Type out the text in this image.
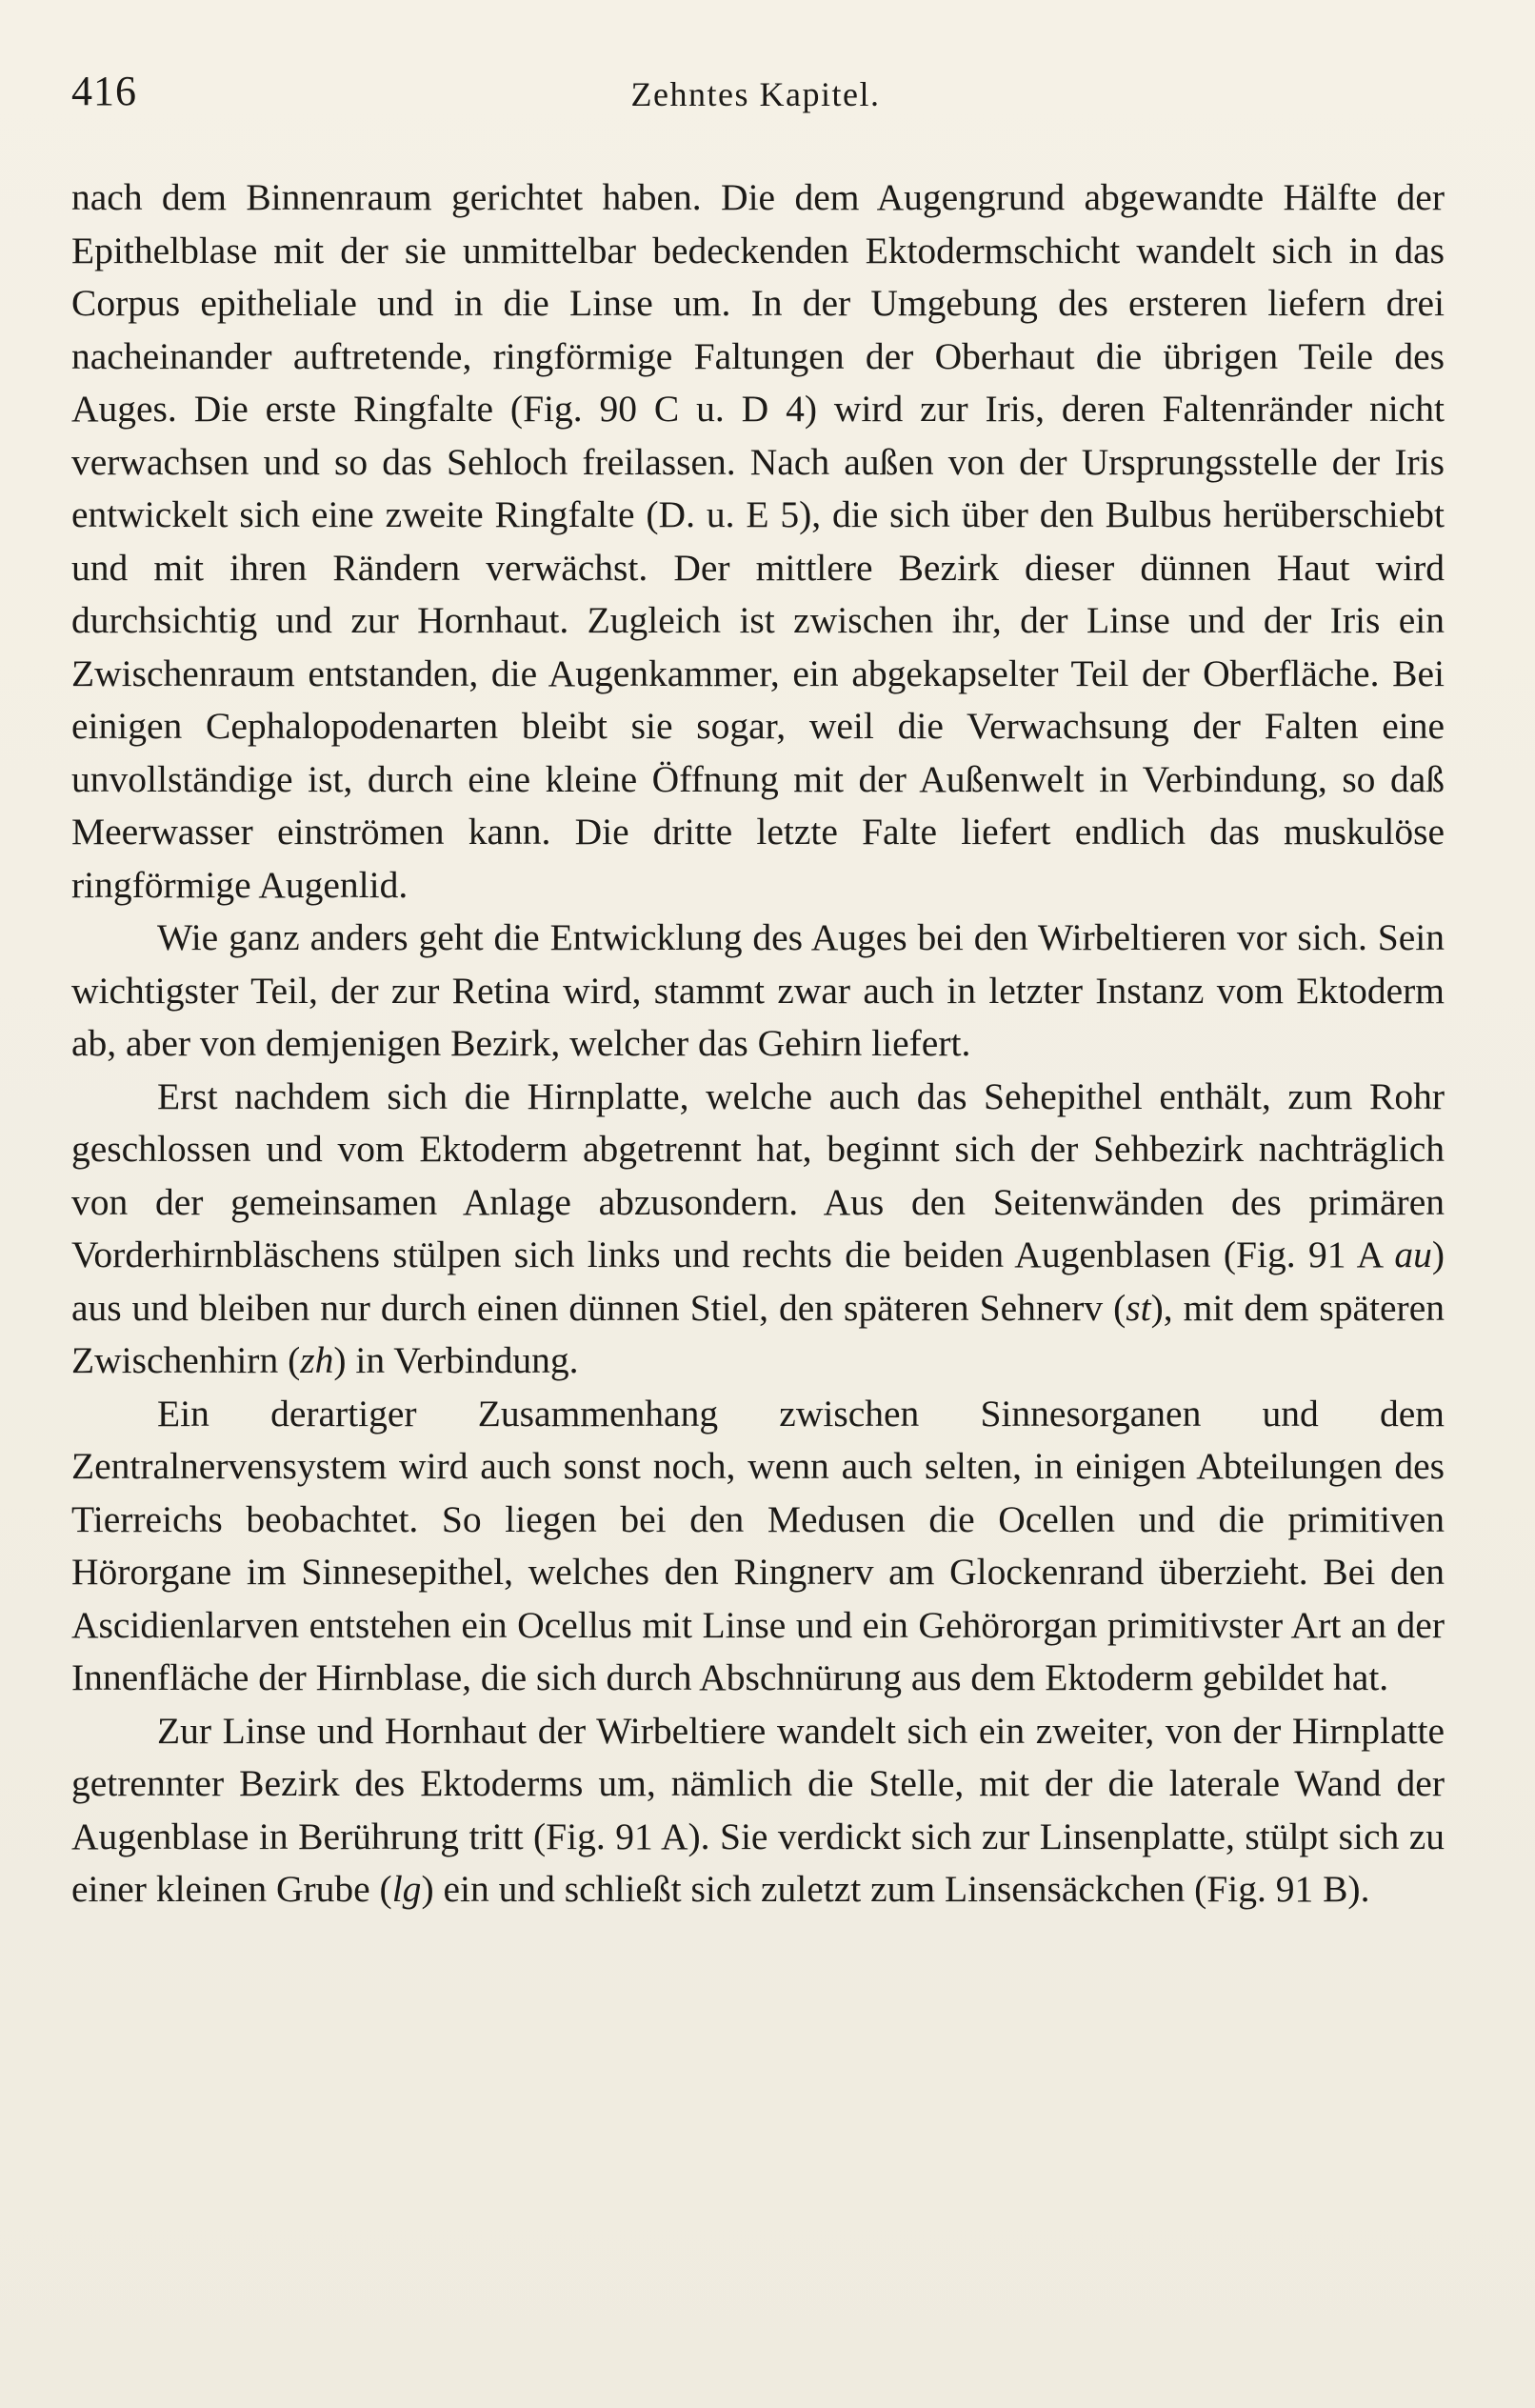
416	Zehntes Kapitel.

nach dem Binnenraum gerichtet haben. Die dem Augengrund abgewandte Hälfte der Epithelblase mit der sie unmittelbar bedeckenden Ektodermschicht wandelt sich in das Corpus epitheliale und in die Linse um. In der Umgebung des ersteren liefern drei nacheinander auftretende, ringförmige Faltungen der Oberhaut die übrigen Teile des Auges. Die erste Ringfalte (Fig. 90 C u. D 4) wird zur Iris, deren Faltenränder nicht verwachsen und so das Sehloch freilassen. Nach außen von der Ursprungsstelle der Iris entwickelt sich eine zweite Ringfalte (D. u. E 5), die sich über den Bulbus herüberschiebt und mit ihren Rändern verwächst. Der mittlere Bezirk dieser dünnen Haut wird durchsichtig und zur Hornhaut. Zugleich ist zwischen ihr, der Linse und der Iris ein Zwischenraum entstanden, die Augenkammer, ein abgekapselter Teil der Oberfläche. Bei einigen Cephalopodenarten bleibt sie sogar, weil die Verwachsung der Falten eine unvollständige ist, durch eine kleine Öffnung mit der Außenwelt in Verbindung, so daß Meerwasser einströmen kann. Die dritte letzte Falte liefert endlich das muskulöse ringförmige Augenlid.

Wie ganz anders geht die Entwicklung des Auges bei den Wirbeltieren vor sich. Sein wichtigster Teil, der zur Retina wird, stammt zwar auch in letzter Instanz vom Ektoderm ab, aber von demjenigen Bezirk, welcher das Gehirn liefert.

Erst nachdem sich die Hirnplatte, welche auch das Sehepithel enthält, zum Rohr geschlossen und vom Ektoderm abgetrennt hat, beginnt sich der Sehbezirk nachträglich von der gemeinsamen Anlage abzusondern. Aus den Seitenwänden des primären Vorderhirnbläschens stülpen sich links und rechts die beiden Augenblasen (Fig. 91 A au) aus und bleiben nur durch einen dünnen Stiel, den späteren Sehnerv (st), mit dem späteren Zwischenhirn (zh) in Verbindung.

Ein derartiger Zusammenhang zwischen Sinnesorganen und dem Zentralnervensystem wird auch sonst noch, wenn auch selten, in einigen Abteilungen des Tierreichs beobachtet. So liegen bei den Medusen die Ocellen und die primitiven Hörorgane im Sinnesepithel, welches den Ringnerv am Glockenrand überzieht. Bei den Ascidienlarven entstehen ein Ocellus mit Linse und ein Gehörorgan primitivster Art an der Innenfläche der Hirnblase, die sich durch Abschnürung aus dem Ektoderm gebildet hat.

Zur Linse und Hornhaut der Wirbeltiere wandelt sich ein zweiter, von der Hirnplatte getrennter Bezirk des Ektoderms um, nämlich die Stelle, mit der die laterale Wand der Augenblase in Berührung tritt (Fig. 91 A). Sie verdickt sich zur Linsenplatte, stülpt sich zu einer kleinen Grube (lg) ein und schließt sich zuletzt zum Linsensäckchen (Fig. 91 B).
